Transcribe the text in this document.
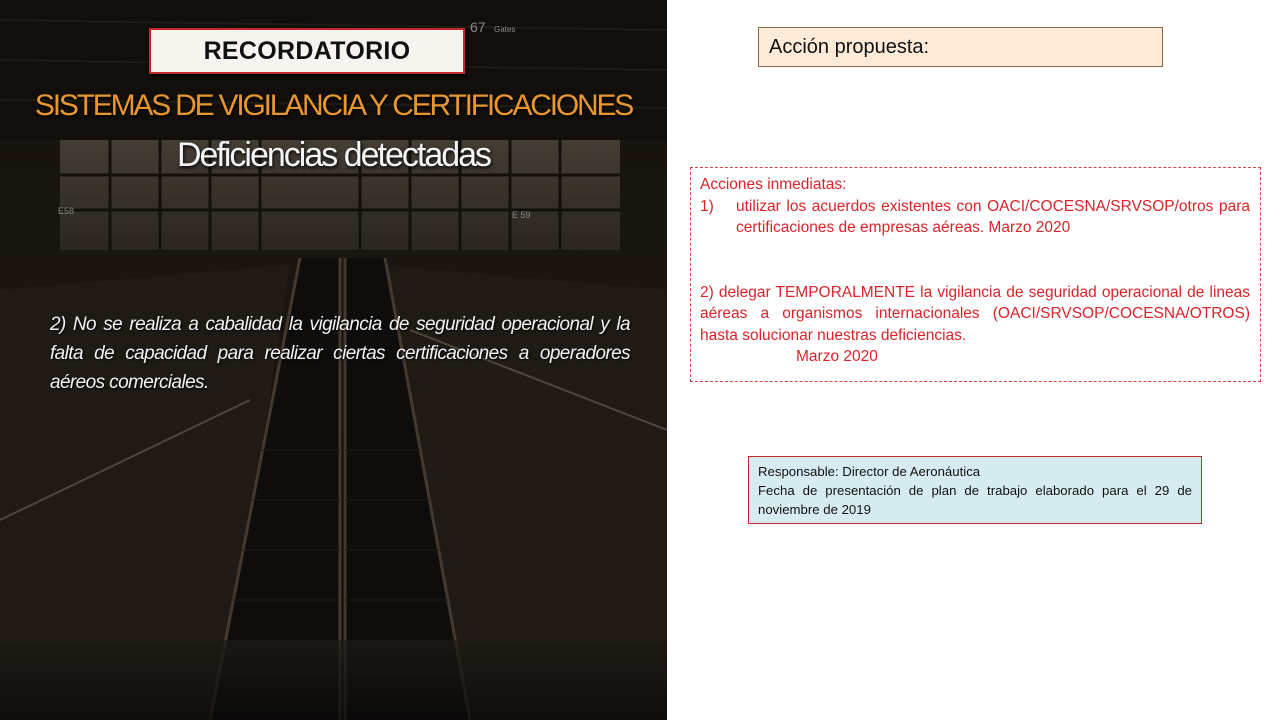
67 Gates
E58	E 59
RECORDATORIO
SISTEMAS DE VIGILANCIA Y CERTIFICACIONES
Deficiencias detectadas
2) No se realiza a cabalidad la vigilancia de seguridad operacional y la falta de capacidad para realizar ciertas certificaciones a operadores aéreos comerciales.
Acción propuesta:
Acciones inmediatas:
1)	utilizar los acuerdos existentes con OACI/COCESNA/SRVSOP/otros para certificaciones de empresas aéreas. Marzo 2020
2) delegar TEMPORALMENTE la vigilancia de seguridad operacional de lineas aéreas a organismos internacionales (OACI/SRVSOP/COCESNA/OTROS) hasta solucionar nuestras deficiencias.
Marzo 2020
Responsable: Director de Aeronáutica
Fecha de presentación de plan de trabajo elaborado para el 29 de noviembre de 2019
